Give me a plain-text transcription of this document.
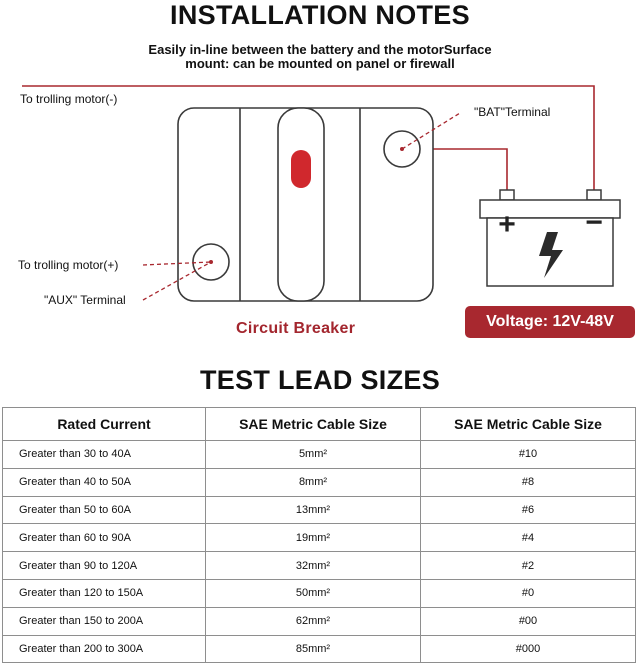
INSTALLATION NOTES
Easily in-line between the battery and the motorSurface
mount: can be mounted on panel or firewall
+ −
To trolling motor(-)
"BAT"Terminal
To trolling motor(+)
"AUX" Terminal
Circuit Breaker	Voltage: 12V-48V
TEST LEAD SIZES
Rated Current	SAE Metric Cable Size	SAE Metric Cable Size
Greater than 30 to 40A	5mm²	#10
Greater than 40 to 50A	8mm²	#8
Greater than 50 to 60A	13mm²	#6
Greater than 60 to 90A	19mm²	#4
Greater than 90 to 120A	32mm²	#2
Greater than 120 to 150A	50mm²	#0
Greater than 150 to 200A	62mm²	#00
Greater than 200 to 300A	85mm²	#000
